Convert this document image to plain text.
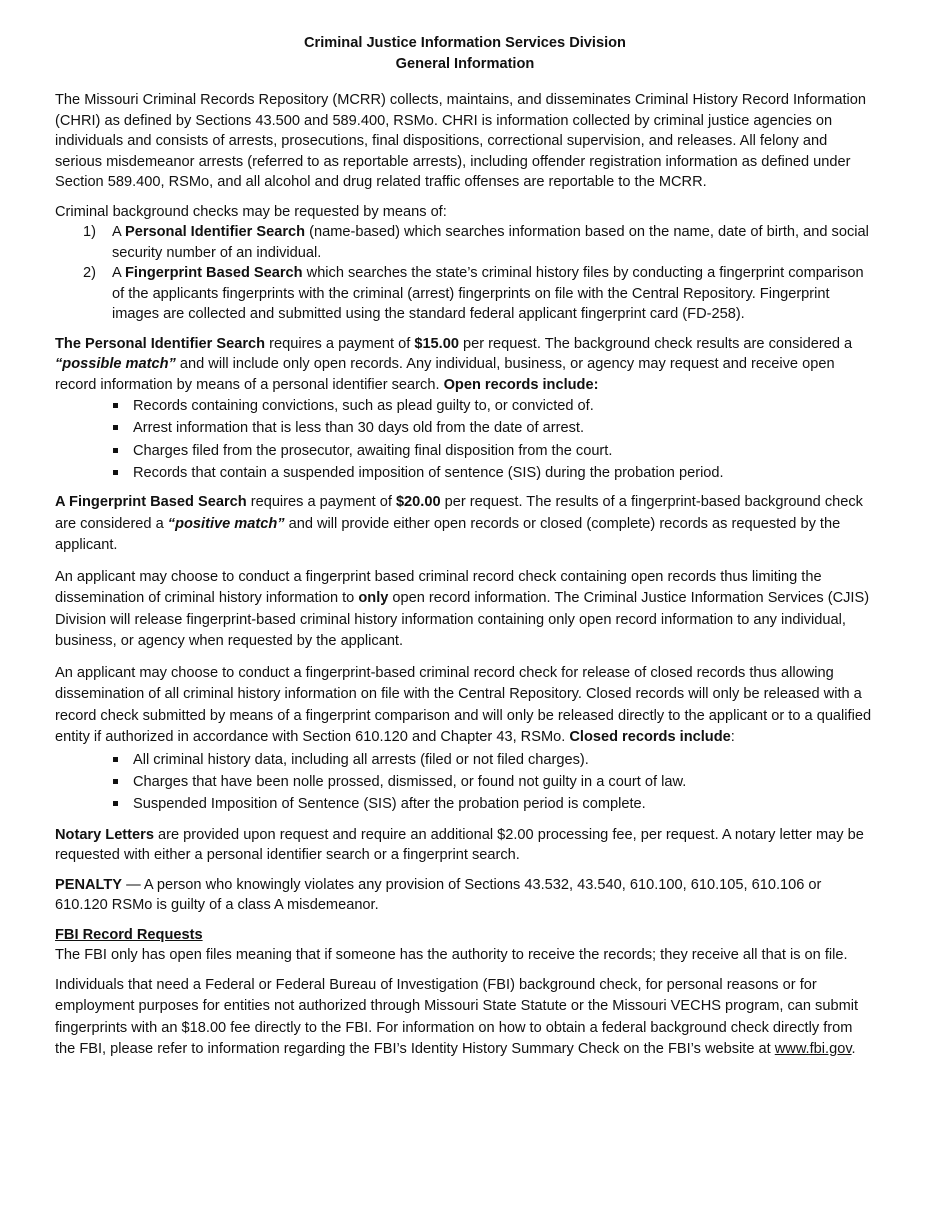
Criminal Justice Information Services Division
General Information

The Missouri Criminal Records Repository (MCRR) collects, maintains, and disseminates Criminal History Record Information (CHRI) as defined by Sections 43.500 and 589.400, RSMo. CHRI is information collected by criminal justice agencies on individuals and consists of arrests, prosecutions, final dispositions, correctional supervision, and releases. All felony and serious misdemeanor arrests (referred to as reportable arrests), including offender registration information as defined under Section 589.400, RSMo, and all alcohol and drug related traffic offenses are reportable to the MCRR.

Criminal background checks may be requested by means of:

1) A Personal Identifier Search (name-based) which searches information based on the name, date of birth, and social security number of an individual.
2) A Fingerprint Based Search which searches the state’s criminal history files by conducting a fingerprint comparison of the applicants fingerprints with the criminal (arrest) fingerprints on file with the Central Repository. Fingerprint images are collected and submitted using the standard federal applicant fingerprint card (FD-258).

The Personal Identifier Search requires a payment of $15.00 per request. The background check results are considered a “possible match” and will include only open records. Any individual, business, or agency may request and receive open record information by means of a personal identifier search. Open records include:

Records containing convictions, such as plead guilty to, or convicted of.
Arrest information that is less than 30 days old from the date of arrest.
Charges filed from the prosecutor, awaiting final disposition from the court.
Records that contain a suspended imposition of sentence (SIS) during the probation period.

A Fingerprint Based Search requires a payment of $20.00 per request. The results of a fingerprint-based background check are considered a “positive match” and will provide either open records or closed (complete) records as requested by the applicant.

An applicant may choose to conduct a fingerprint based criminal record check containing open records thus limiting the dissemination of criminal history information to only open record information. The Criminal Justice Information Services (CJIS) Division will release fingerprint-based criminal history information containing only open record information to any individual, business, or agency when requested by the applicant.

An applicant may choose to conduct a fingerprint-based criminal record check for release of closed records thus allowing dissemination of all criminal history information on file with the Central Repository. Closed records will only be released with a record check submitted by means of a fingerprint comparison and will only be released directly to the applicant or to a qualified entity if authorized in accordance with Section 610.120 and Chapter 43, RSMo. Closed records include:

All criminal history data, including all arrests (filed or not filed charges).
Charges that have been nolle prossed, dismissed, or found not guilty in a court of law.
Suspended Imposition of Sentence (SIS) after the probation period is complete.

Notary Letters are provided upon request and require an additional $2.00 processing fee, per request. A notary letter may be requested with either a personal identifier search or a fingerprint search.

PENALTY — A person who knowingly violates any provision of Sections 43.532, 43.540, 610.100, 610.105, 610.106 or 610.120 RSMo is guilty of a class A misdemeanor.

FBI Record Requests

The FBI only has open files meaning that if someone has the authority to receive the records; they receive all that is on file.

Individuals that need a Federal or Federal Bureau of Investigation (FBI) background check, for personal reasons or for employment purposes for entities not authorized through Missouri State Statute or the Missouri VECHS program, can submit fingerprints with an $18.00 fee directly to the FBI. For information on how to obtain a federal background check directly from the FBI, please refer to information regarding the FBI’s Identity History Summary Check on the FBI’s website at www.fbi.gov.
